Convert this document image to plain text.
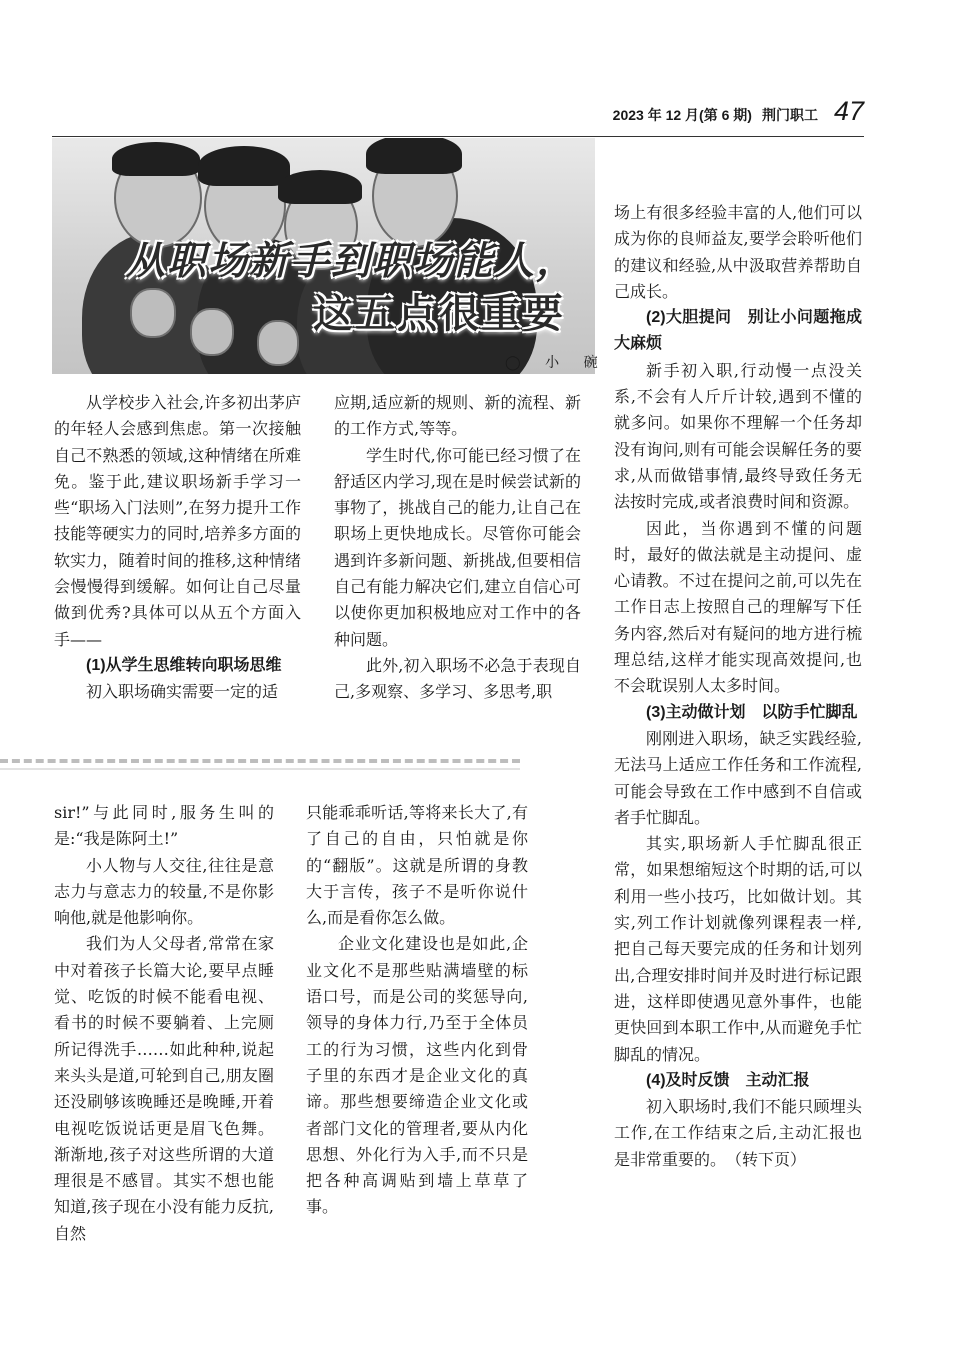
2023 年 12 月(第 6 期) 荆门职工 47
从职场新手到职场能人，
这五点很重要
◯ 小 碗

从学校步入社会,许多初出茅庐的年轻人会感到焦虑。第一次接触自己不熟悉的领域,这种情绪在所难免。鉴于此,建议职场新手学习一些“职场入门法则”,在努力提升工作技能等硬实力的同时,培养多方面的软实力，随着时间的推移,这种情绪会慢慢得到缓解。如何让自己尽量做到优秀?具体可以从五个方面入手——

(1)从学生思维转向职场思维

初入职场确实需要一定的适

应期,适应新的规则、新的流程、新的工作方式,等等。

学生时代,你可能已经习惯了在舒适区内学习,现在是时候尝试新的事物了，挑战自己的能力,让自己在职场上更快地成长。尽管你可能会遇到许多新问题、新挑战,但要相信自己有能力解决它们,建立自信心可以使你更加积极地应对工作中的各种问题。

此外,初入职场不必急于表现自己,多观察、多学习、多思考,职

场上有很多经验丰富的人,他们可以成为你的良师益友,要学会聆听他们的建议和经验,从中汲取营养帮助自己成长。

(2)大胆提问　别让小问题拖成大麻烦

新手初入职,行动慢一点没关系,不会有人斤斤计较,遇到不懂的就多问。如果你不理解一个任务却没有询问,则有可能会误解任务的要求,从而做错事情,最终导致任务无法按时完成,或者浪费时间和资源。

因此，当你遇到不懂的问题时，最好的做法就是主动提问、虚心请教。不过在提问之前,可以先在工作日志上按照自己的理解写下任务内容,然后对有疑问的地方进行梳理总结,这样才能实现高效提问,也不会耽误别人太多时间。

(3)主动做计划　以防手忙脚乱

刚刚进入职场，缺乏实践经验,无法马上适应工作任务和工作流程,可能会导致在工作中感到不自信或者手忙脚乱。

其实,职场新人手忙脚乱很正常，如果想缩短这个时期的话,可以利用一些小技巧，比如做计划。其实,列工作计划就像列课程表一样,把自己每天要完成的任务和计划列出,合理安排时间并及时进行标记跟进，这样即使遇见意外事件，也能更快回到本职工作中,从而避免手忙脚乱的情况。

(4)及时反馈　主动汇报

初入职场时,我们不能只顾埋头工作,在工作结束之后,主动汇报也是非常重要的。 （转下页）

sir!”与此同时,服务生叫的是:“我是陈阿土!”

小人物与人交往,往往是意志力与意志力的较量,不是你影响他,就是他影响你。

我们为人父母者,常常在家中对着孩子长篇大论,要早点睡觉、吃饭的时候不能看电视、看书的时候不要躺着、上完厕所记得洗手……如此种种,说起来头头是道,可轮到自己,朋友圈还没刷够该晚睡还是晚睡,开着电视吃饭说话更是眉飞色舞。渐渐地,孩子对这些所谓的大道理很是不感冒。其实不想也能知道,孩子现在小没有能力反抗,自然

只能乖乖听话,等将来长大了,有了自己的自由，只怕就是你的“翻版”。这就是所谓的身教大于言传，孩子不是听你说什么,而是看你怎么做。

企业文化建设也是如此,企业文化不是那些贴满墙壁的标语口号，而是公司的奖惩导向,领导的身体力行,乃至于全体员工的行为习惯，这些内化到骨子里的东西才是企业文化的真谛。那些想要缔造企业文化或者部门文化的管理者,要从内化思想、外化行为入手,而不只是把各种高调贴到墙上草草了事。
